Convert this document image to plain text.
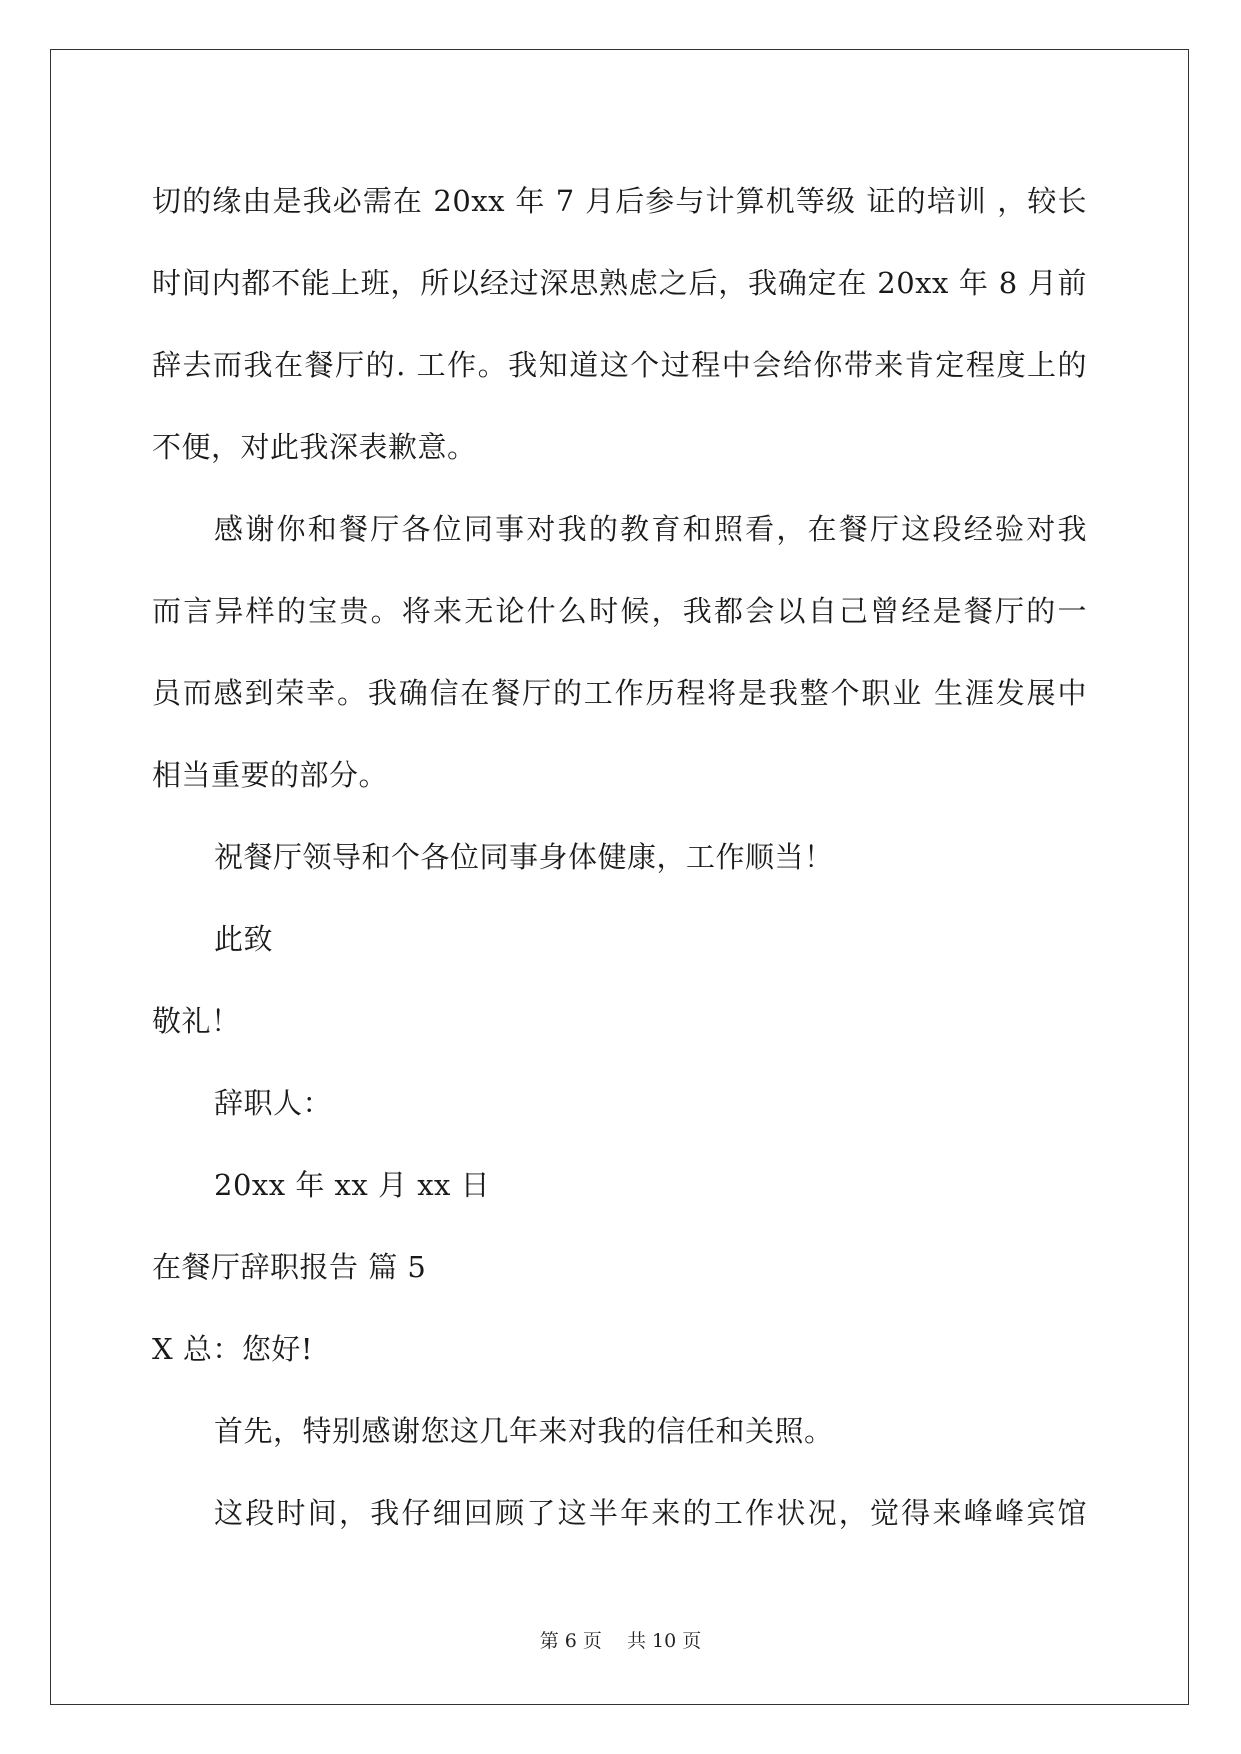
切的缘由是我必需在 20xx 年 7 月后参与计算机等级 证的培训 ，较长
时间内都不能上班，所以经过深思熟虑之后，我确定在 20xx 年 8 月前
辞去而我在餐厅的. 工作。我知道这个过程中会给你带来肯定程度上的
不便，对此我深表歉意。
感谢你和餐厅各位同事对我的教育和照看，在餐厅这段经验对我
而言异样的宝贵。将来无论什么时候，我都会以自己曾经是餐厅的一
员而感到荣幸。我确信在餐厅的工作历程将是我整个职业 生涯发展中
相当重要的部分。
祝餐厅领导和个各位同事身体健康，工作顺当！
此致
敬礼！
辞职人：
20xx 年 xx 月 xx 日
在餐厅辞职报告 篇 5
X 总：您好!
首先，特别感谢您这几年来对我的信任和关照。
这段时间，我仔细回顾了这半年来的工作状况，觉得来峰峰宾馆
第 6 页　 共 10 页
